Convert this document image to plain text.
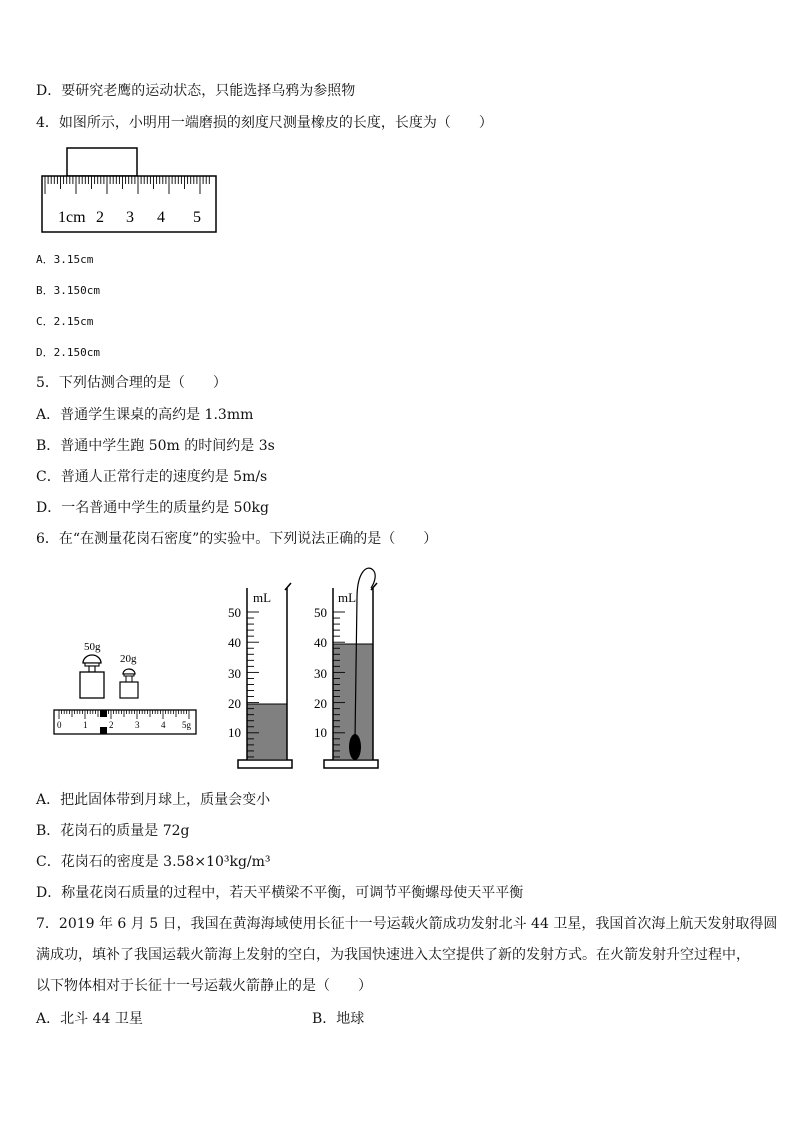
D．要研究老鹰的运动状态，只能选择乌鸦为参照物
4．如图所示，小明用一端磨损的刻度尺测量橡皮的长度，长度为（　　）
1cm 2 3 4 5
A．3.15cm
B．3.150cm
C．2.15cm
D．2.150cm
5．下列估测合理的是（　　）
A．普通学生课桌的高约是 1.3mm
B．普通中学生跑 50m 的时间约是 3s
C．普通人正常行走的速度约是 5m/s
D．一名普通中学生的质量约是 50kg
6．在“在测量花岗石密度”的实验中。下列说法正确的是（　　）
50g
20g
0 1 2 3 4 5g
mL
50
40
30
20
10
mL
50
40
30
20
10
A．把此固体带到月球上，质量会变小
B．花岗石的质量是 72g
C．花岗石的密度是 3.58×10³kg/m³
D．称量花岗石质量的过程中，若天平横梁不平衡，可调节平衡螺母使天平平衡
7．2019 年 6 月 5 日，我国在黄海海域使用长征十一号运载火箭成功发射北斗 44 卫星，我国首次海上航天发射取得圆
满成功，填补了我国运载火箭海上发射的空白，为我国快速进入太空提供了新的发射方式。在火箭发射升空过程中，
以下物体相对于长征十一号运载火箭静止的是（　　）
A．北斗 44 卫星	B．地球
